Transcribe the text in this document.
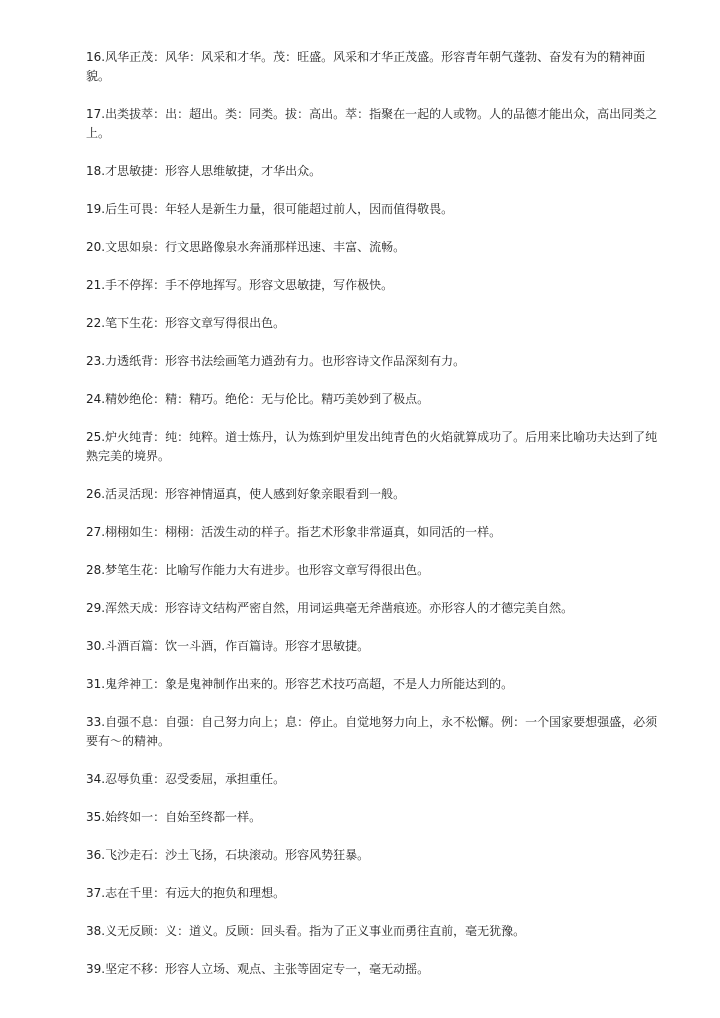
16.风华正茂：风华：风采和才华。茂：旺盛。风采和才华正茂盛。形容青年朝气蓬勃、奋发有为的精神面貌。

17.出类拔萃：出：超出。类：同类。拔：高出。萃：指聚在一起的人或物。人的品德才能出众，高出同类之上。

18.才思敏捷：形容人思维敏捷，才华出众。

19.后生可畏：年轻人是新生力量，很可能超过前人，因而值得敬畏。

20.文思如泉：行文思路像泉水奔涌那样迅速、丰富、流畅。

21.手不停挥：手不停地挥写。形容文思敏捷，写作极快。

22.笔下生花：形容文章写得很出色。

23.力透纸背：形容书法绘画笔力遒劲有力。也形容诗文作品深刻有力。

24.精妙绝伦：精：精巧。绝伦：无与伦比。精巧美妙到了极点。

25.炉火纯青：纯：纯粹。道士炼丹，认为炼到炉里发出纯青色的火焰就算成功了。后用来比喻功夫达到了纯熟完美的境界。

26.活灵活现：形容神情逼真，使人感到好象亲眼看到一般。

27.栩栩如生：栩栩：活泼生动的样子。指艺术形象非常逼真，如同活的一样。

28.梦笔生花：比喻写作能力大有进步。也形容文章写得很出色。

29.浑然天成：形容诗文结构严密自然，用词运典毫无斧凿痕迹。亦形容人的才德完美自然。

30.斗酒百篇：饮一斗酒，作百篇诗。形容才思敏捷。

31.鬼斧神工：象是鬼神制作出来的。形容艺术技巧高超，不是人力所能达到的。

33.自强不息：自强：自己努力向上；息：停止。自觉地努力向上，永不松懈。例：一个国家要想强盛，必须要有～的精神。

34.忍辱负重：忍受委屈，承担重任。

35.始终如一：自始至终都一样。

36.飞沙走石：沙土飞扬，石块滚动。形容风势狂暴。

37.志在千里：有远大的抱负和理想。

38.义无反顾：义：道义。反顾：回头看。指为了正义事业而勇往直前，毫无犹豫。

39.坚定不移：形容人立场、观点、主张等固定专一，毫无动摇。
